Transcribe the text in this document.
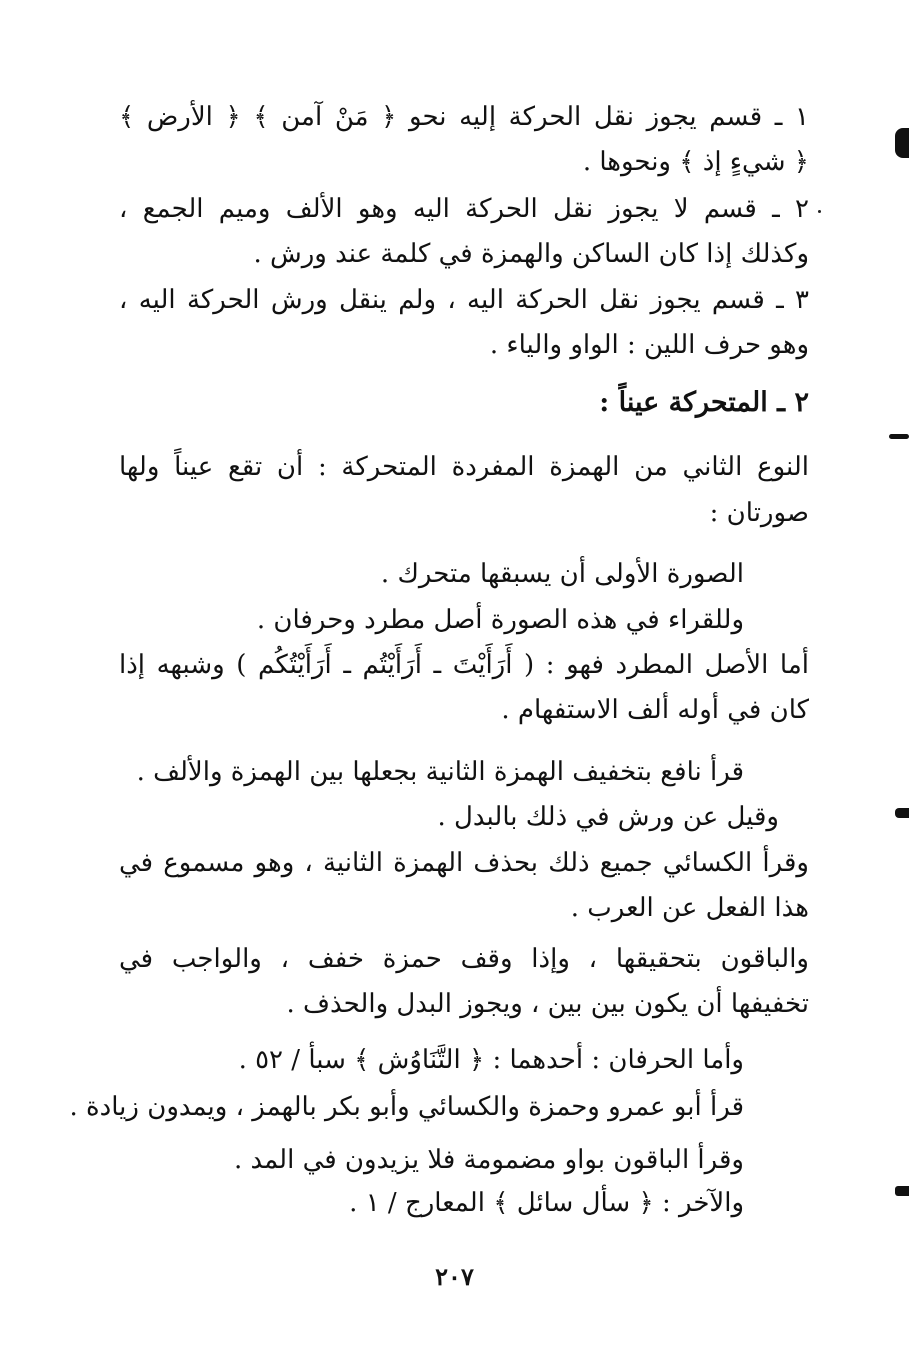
١ ـ قسم يجوز نقل الحركة إليه نحو ﴿ مَنْ آمن ﴾ ﴿ الأرض ﴾
﴿ شيءٍ إذ ﴾ ونحوها .
٢ ـ قسم لا يجوز نقل الحركة اليه وهو الألف وميم الجمع ،
وكذلك إذا كان الساكن والهمزة في كلمة عند ورش .
٣ ـ قسم يجوز نقل الحركة اليه ، ولم ينقل ورش الحركة اليه ،
وهو حرف اللين : الواو والياء .
٢ ـ المتحركة عيناً :
النوع الثاني من الهمزة المفردة المتحركة : أن تقع عيناً ولها
صورتان :
الصورة الأولى أن يسبقها متحرك .
وللقراء في هذه الصورة أصل مطرد وحرفان .
أما الأصل المطرد فهو : ( أَرَأَيْتَ ـ أَرَأَيْتُم ـ أَرَأَيْتُكُم ) وشبهه إذا
كان في أوله ألف الاستفهام .
قرأ نافع بتخفيف الهمزة الثانية بجعلها بين الهمزة والألف .
وقيل عن ورش في ذلك بالبدل .
وقرأ الكسائي جميع ذلك بحذف الهمزة الثانية ، وهو مسموع في
هذا الفعل عن العرب .
والباقون بتحقيقها ، وإذا وقف حمزة خفف ، والواجب في
تخفيفها أن يكون بين بين ، ويجوز البدل والحذف .
وأما الحرفان : أحدهما : ﴿ التَّنَاوُش ﴾ سبأ / ٥٢ .
قرأ أبو عمرو وحمزة والكسائي وأبو بكر بالهمز ، ويمدون زيادة .
وقرأ الباقون بواو مضمومة فلا يزيدون في المد .
والآخر : ﴿ سأل سائل ﴾ المعارج / ١ .
٢٠٧
